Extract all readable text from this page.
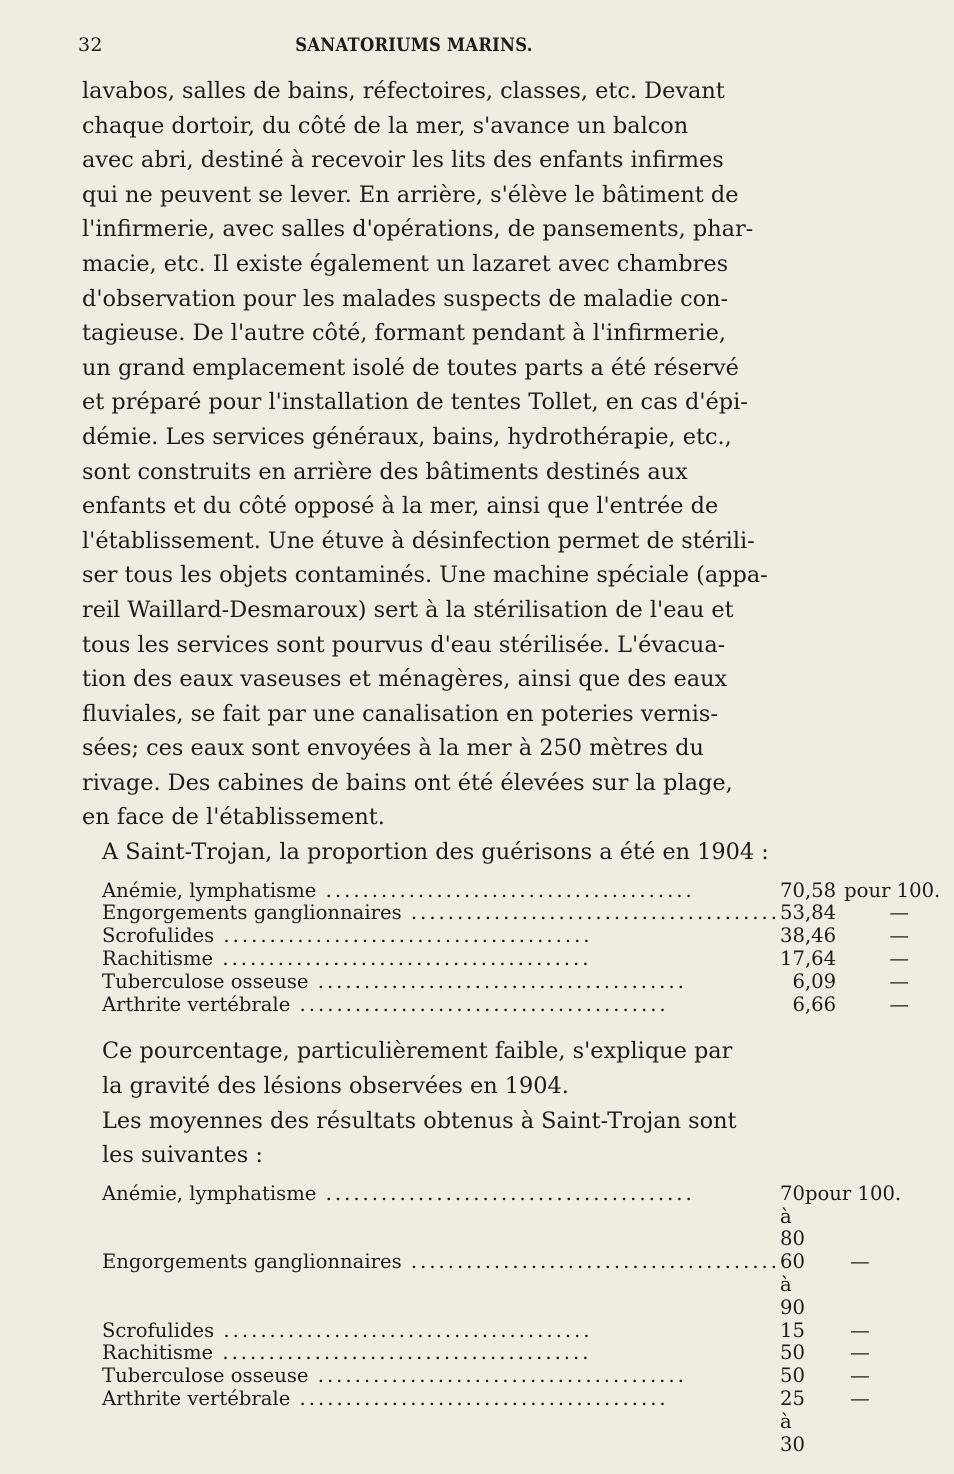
32	SANATORIUMS MARINS.

lavabos, salles de bains, réfectoires, classes, etc. Devant
chaque dortoir, du côté de la mer, s'avance un balcon
avec abri, destiné à recevoir les lits des enfants infirmes
qui ne peuvent se lever. En arrière, s'élève le bâtiment de
l'infirmerie, avec salles d'opérations, de pansements, phar-
macie, etc. Il existe également un lazaret avec chambres
d'observation pour les malades suspects de maladie con-
tagieuse. De l'autre côté, formant pendant à l'infirmerie,
un grand emplacement isolé de toutes parts a été réservé
et préparé pour l'installation de tentes Tollet, en cas d'épi-
démie. Les services généraux, bains, hydrothérapie, etc.,
sont construits en arrière des bâtiments destinés aux
enfants et du côté opposé à la mer, ainsi que l'entrée de
l'établissement. Une étuve à désinfection permet de stérili-
ser tous les objets contaminés. Une machine spéciale (appa-
reil Waillard-Desmaroux) sert à la stérilisation de l'eau et
tous les services sont pourvus d'eau stérilisée. L'évacua-
tion des eaux vaseuses et ménagères, ainsi que des eaux
fluviales, se fait par une canalisation en poteries vernis-
sées; ces eaux sont envoyées à la mer à 250 mètres du
rivage. Des cabines de bains ont été élevées sur la plage,
en face de l'établissement.

A Saint-Trojan, la proportion des guérisons a été en 1904 :

Anémie, lymphatisme ........................................	70,58	pour 100.
Engorgements ganglionnaires ........................................	53,84	—
Scrofulides ........................................	38,46	—
Rachitisme ........................................	17,64	—
Tuberculose osseuse ........................................	6,09	—
Arthrite vertébrale ........................................	6,66	—

Ce pourcentage, particulièrement faible, s'explique par
la gravité des lésions observées en 1904.

Les moyennes des résultats obtenus à Saint-Trojan sont
les suivantes :

Anémie, lymphatisme ........................................	70 à 80	pour 100.
Engorgements ganglionnaires ........................................	60 à 90	—
Scrofulides ........................................	15	—
Rachitisme ........................................	50	—
Tuberculose osseuse ........................................	50	—
Arthrite vertébrale ........................................	25 à 30	—
